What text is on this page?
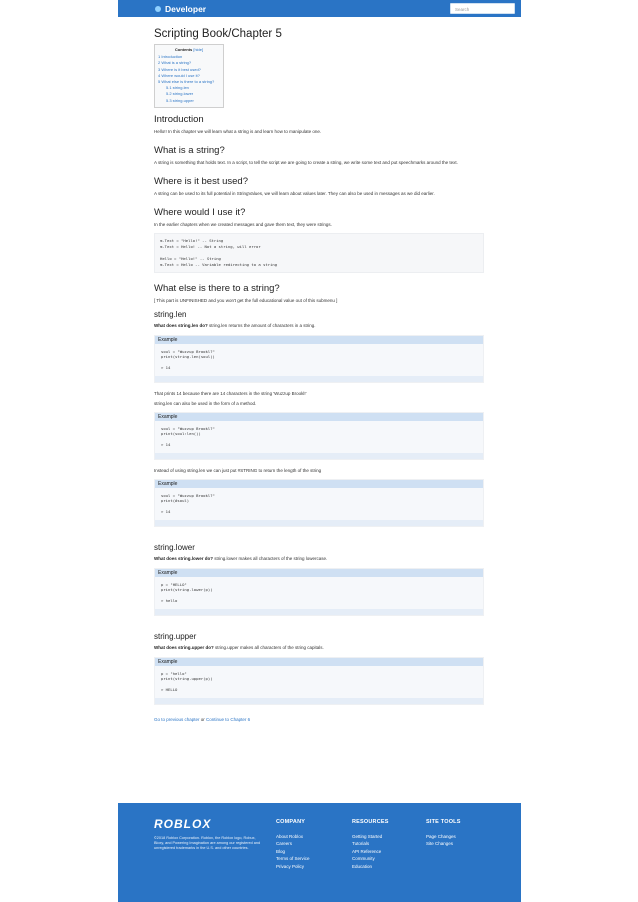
Developer	Search
Scripting Book/Chapter 5
Contents [hide]
1 Introduction
2 What is a string?
3 Where is it best used?
4 Where would I use it?
5 What else is there to a string?
5.1 string.len
5.2 string.lower
5.3 string.upper
Introduction

Hello!! In this chapter we will learn what a string is and learn how to manipulate one.

What is a string?

A string is something that holds text. In a script, to tell the script we are going to create a string, we write some text and put speechmarks around the text.

Where is it best used?

A string can be used to its full potential in StringValues, we will learn about values later. They can also be used in messages as we did earlier.

Where would I use it?

In the earlier chapters when we created messages and gave them text, they were strings.

m.Text = "Hello!" -- String
m.Text = Hello! -- Not a string, will error

Hello = "Hello!" -- String
m.Text = Hello -- Variable redirecting to a string
What else is there to a string?

[ This part is UNFINISHED and you won't get the full educational value out of this submenu ]

string.len

What does string.len do? string.len returns the amount of characters in a string.

Example
soul = "Wuzzup Brookl?"
print(string.len(soul))

> 14

That prints 14 because there are 14 characters in the string 'Wuzzup Brookl!'

string.len can also be used in the form of a method.

Example
soul = "Wuzzup Brookl?"
print(soul:len())

> 14

Instead of using string.len we can just put #STRING to return the length of the string

Example
soul = "Wuzzup Brookl?"
print(#soul)

> 14
string.lower

What does string.lower do? string.lower makes all characters of the string lowercase.

Example
p = "HELLO"
print(string.lower(p))

> hello
string.upper

What does string.upper do? string.upper makes all characters of the string capitals.

Example
p = "hello"
print(string.upper(p))

> HELLO

Go to previous chapter or Continue to Chapter 6

ROBLOX
©2018 Roblox Corporation. Roblox, the Roblox logo, Robux, Bloxy, and Powering Imagination are among our registered and unregistered trademarks in the U.S. and other countries.
COMPANY
About Roblox
Careers
Blog
Terms of Service
Privacy Policy
RESOURCES
Getting Started
Tutorials
API Reference
Community
Education
SITE TOOLS
Page Changes
Site Changes
